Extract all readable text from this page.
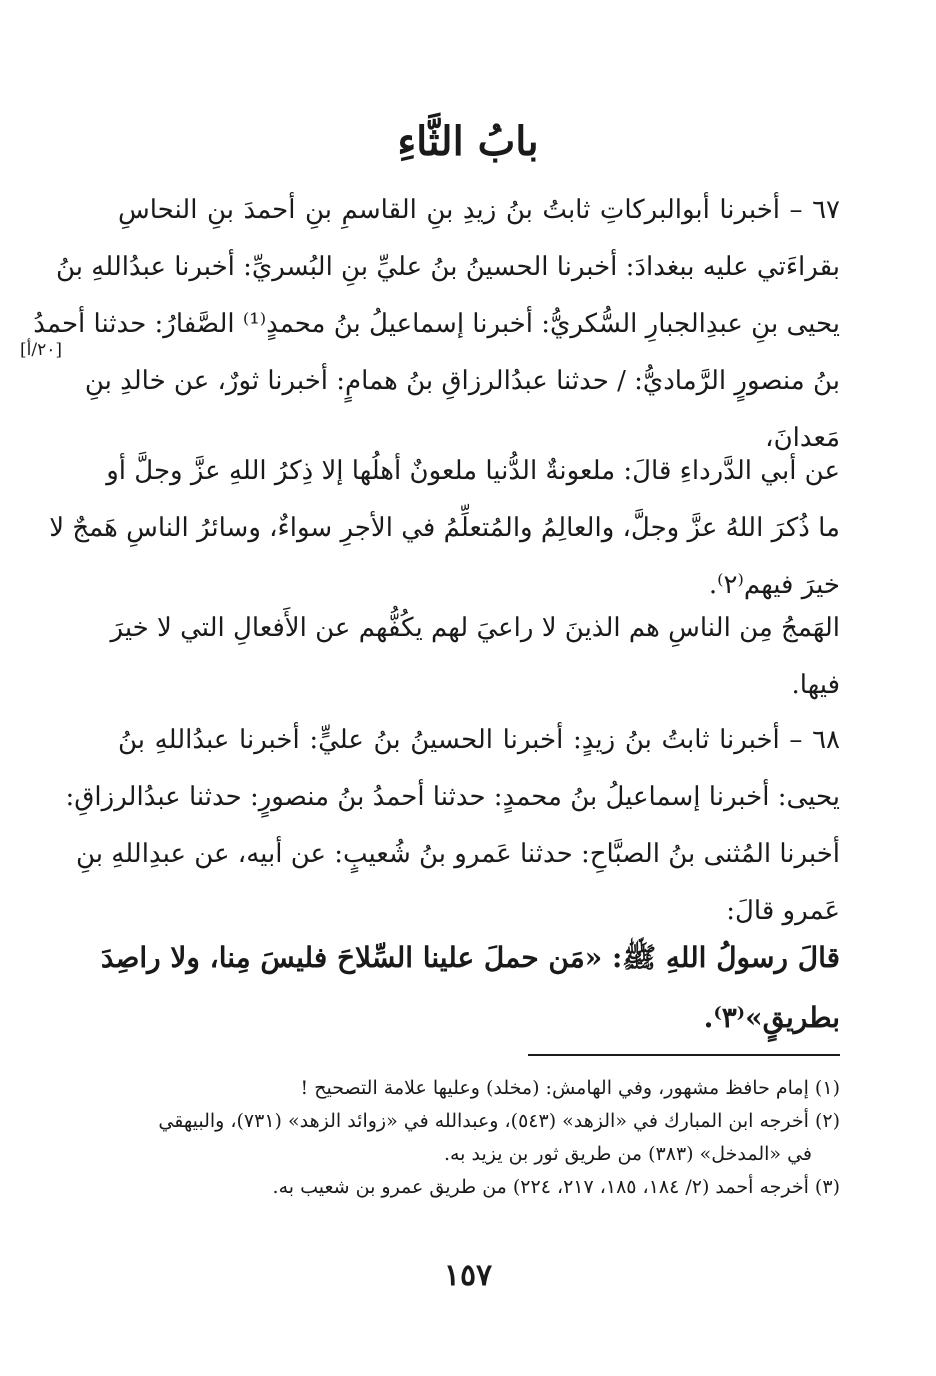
بابُ الثَّاءِ
٦٧ – أخبرنا أبوالبركاتِ ثابتُ بنُ زيدِ بنِ القاسمِ بنِ أحمدَ بنِ النحاسِ
بقراءَتي عليه ببغدادَ: أخبرنا الحسينُ بنُ عليِّ بنِ البُسريِّ: أخبرنا عبدُاللهِ بنُ
يحيى بنِ عبدِالجبارِ السُّكريُّ: أخبرنا إسماعيلُ بنُ محمدٍ⁽¹⁾ الصَّفارُ: حدثنا أحمدُ
بنُ منصورٍ الرَّماديُّ: / حدثنا عبدُالرزاقِ بنُ همامٍ: أخبرنا ثورٌ، عن خالدِ بنِ
مَعدانَ،
[٢٠/أ]
عن أبي الدَّرداءِ قالَ: ملعونةٌ الدُّنيا ملعونٌ أهلُها إلا ذِكرُ اللهِ عزَّ وجلَّ أو
ما ذُكرَ اللهُ عزَّ وجلَّ، والعالِمُ والمُتعلِّمُ في الأجرِ سواءٌ، وسائرُ الناسِ هَمجٌ لا
خيرَ فيهم⁽٢⁾.
الهَمجُ مِن الناسِ هم الذينَ لا راعيَ لهم يكُفُّهم عن الأَفعالِ التي لا خيرَ
فيها.
٦٨ – أخبرنا ثابتُ بنُ زيدٍ: أخبرنا الحسينُ بنُ عليٍّ: أخبرنا عبدُاللهِ بنُ
يحيى: أخبرنا إسماعيلُ بنُ محمدٍ: حدثنا أحمدُ بنُ منصورٍ: حدثنا عبدُالرزاقِ:
أخبرنا المُثنى بنُ الصبَّاحِ: حدثنا عَمرو بنُ شُعيبٍ: عن أبيه، عن عبدِاللهِ بنِ
عَمرو قالَ:
قالَ رسولُ اللهِ ﷺ: «مَن حملَ علينا السِّلاحَ فليسَ مِنا، ولا راصِدَ
بطريقٍ»⁽٣⁾.
(١) إمام حافظ مشهور، وفي الهامش: (مخلد) وعليها علامة التصحيح !
(٢) أخرجه ابن المبارك في «الزهد» (٥٤٣)، وعبدالله في «زوائد الزهد» (٧٣١)، والبيهقي
في «المدخل» (٣٨٣) من طريق ثور بن يزيد به.
(٣) أخرجه أحمد (٢/ ١٨٤، ١٨٥، ٢١٧، ٢٢٤) من طريق عمرو بن شعيب به.
١٥٧
